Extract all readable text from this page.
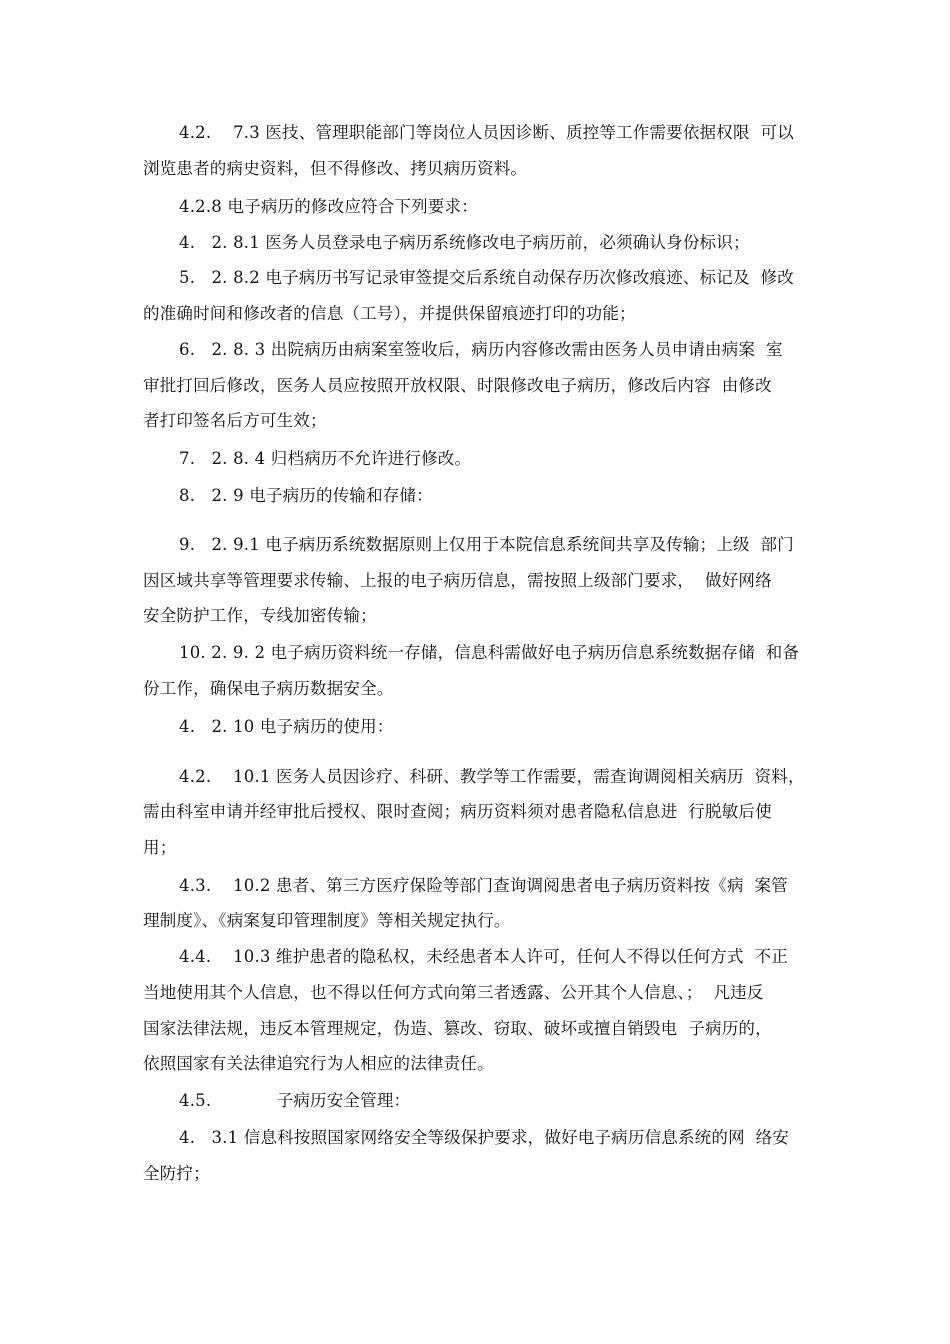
4.2.    7.3 医技、管理职能部门等岗位人员因诊断、质控等工作需要依据权限  可以
浏览患者的病史资料，但不得修改、拷贝病历资料。
4.2.8 电子病历的修改应符合下列要求：
4.   2. 8.1 医务人员登录电子病历系统修改电子病历前，必须确认身份标识；
5.   2. 8.2 电子病历书写记录审签提交后系统自动保存历次修改痕迹、标记及  修改
的准确时间和修改者的信息（工号），并提供保留痕迹打印的功能；
6.   2. 8. 3 出院病历由病案室签收后，病历内容修改需由医务人员申请由病案  室
审批打回后修改，医务人员应按照开放权限、时限修改电子病历，修改后内容  由修改
者打印签名后方可生效；
7.   2. 8. 4 归档病历不允许进行修改。
8.   2. 9 电子病历的传输和存储：
9.   2. 9.1 电子病历系统数据原则上仅用于本院信息系统间共享及传输；上级  部门
因区域共享等管理要求传输、上报的电子病历信息，需按照上级部门要求，  做好网络
安全防护工作，专线加密传输；
10. 2. 9. 2 电子病历资料统一存储，信息科需做好电子病历信息系统数据存储  和备
份工作，确保电子病历数据安全。
4.   2. 10 电子病历的使用：
4.2.    10.1 医务人员因诊疗、科研、教学等工作需要，需查询调阅相关病历  资料，
需由科室申请并经审批后授权、限时查阅；病历资料须对患者隐私信息进  行脱敏后使
用；
4.3.    10.2 患者、第三方医疗保险等部门查询调阅患者电子病历资料按《病  案管
理制度》、《病案复印管理制度》等相关规定执行。
4.4.    10.3 维护患者的隐私权，未经患者本人许可，任何人不得以任何方式  不正
当地使用其个人信息，也不得以任何方式向第三者透露、公开其个人信息、；  凡违反
国家法律法规，违反本管理规定，伪造、篡改、窃取、破坏或擅自销毁电  子病历的，
依照国家有关法律追究行为人相应的法律责任。
4.5.            子病历安全管理：
4.   3.1 信息科按照国家网络安全等级保护要求，做好电子病历信息系统的网  络安
全防拧；
